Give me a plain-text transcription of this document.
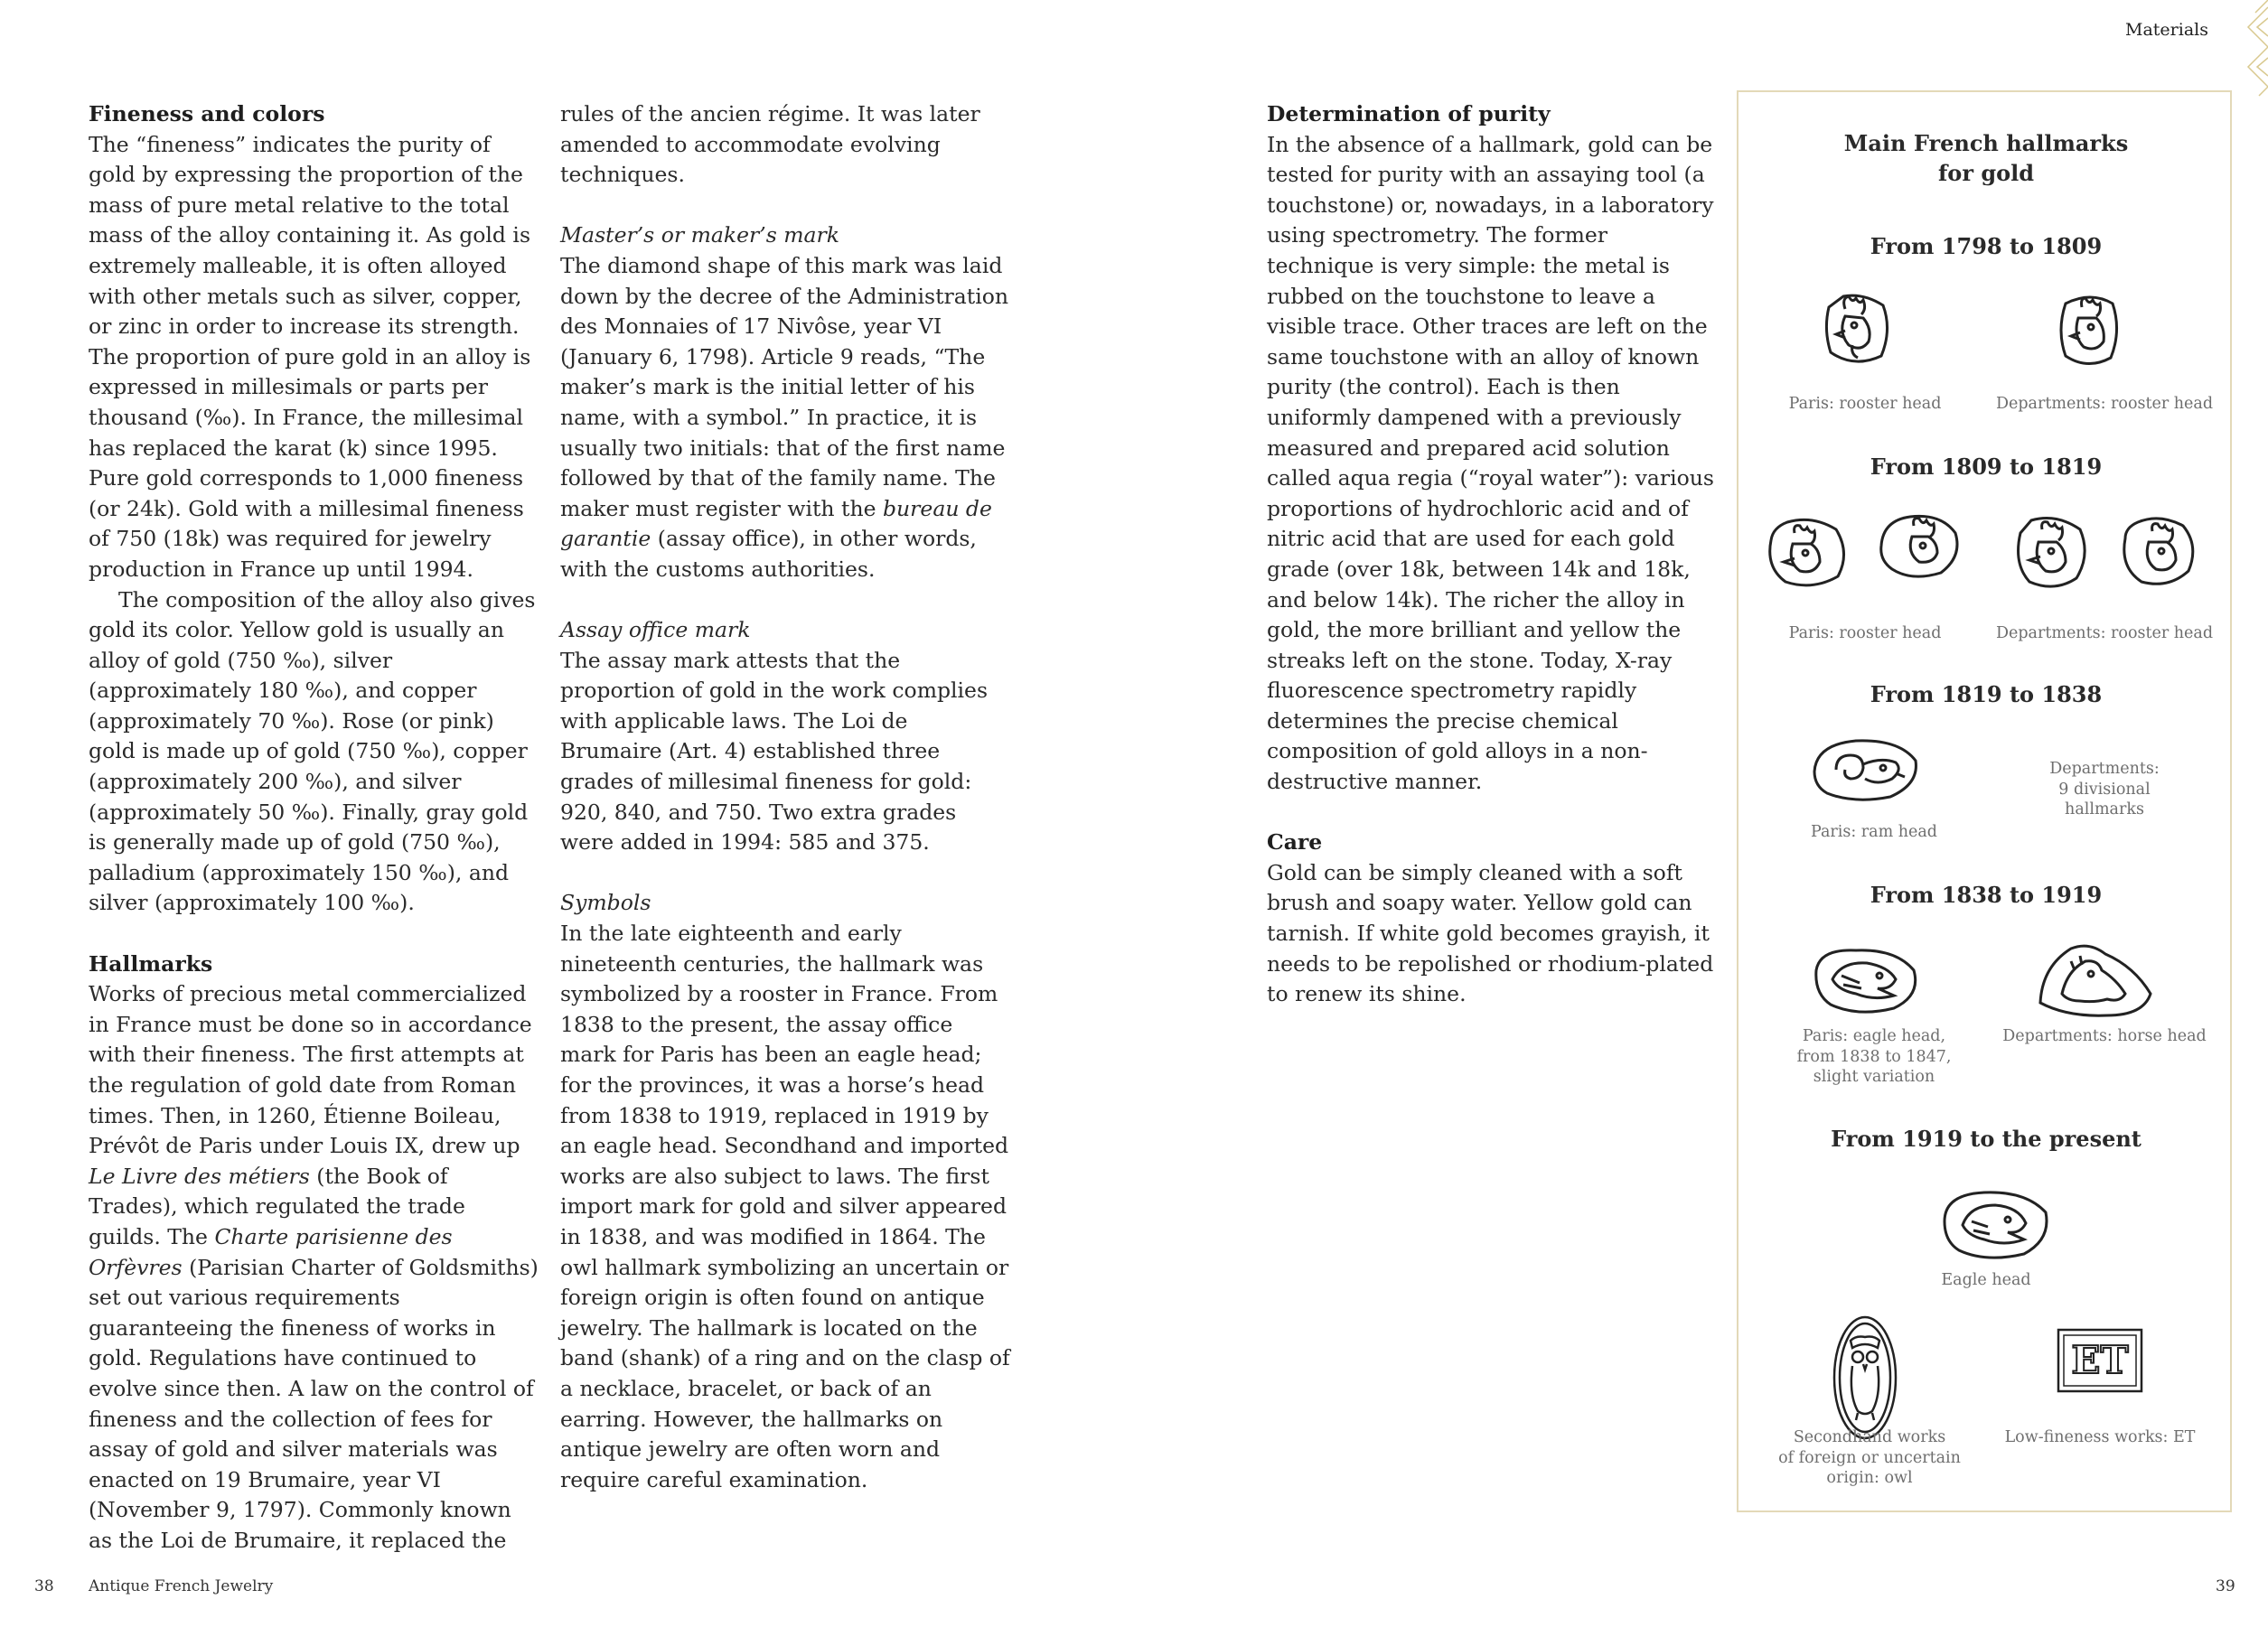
Materials
Fineness and colors

The “fineness” indicates the purity of gold by expressing the proportion of the mass of pure metal relative to the total mass of the alloy containing it. As gold is extremely malleable, it is often alloyed with other metals such as silver, copper, or zinc in order to increase its strength. The proportion of pure gold in an alloy is expressed in millesimals or parts per thousand (‰). In France, the millesimal has replaced the karat (k) since 1995. Pure gold corresponds to 1,000 fineness (or 24k). Gold with a millesimal fineness of 750 (18k) was required for jewelry production in France up until 1994.

The composition of the alloy also gives gold its color. Yellow gold is usually an alloy of gold (750 ‰), silver (approximately 180 ‰), and copper (approximately 70 ‰). Rose (or pink) gold is made up of gold (750 ‰), copper (approximately 200 ‰), and silver (approximately 50 ‰). Finally, gray gold is generally made up of gold (750 ‰), palladium (approximately 150 ‰), and silver (approximately 100 ‰).

Hallmarks

Works of precious metal commercialized in France must be done so in accordance with their fineness. The first attempts at the regulation of gold date from Roman times. Then, in 1260, Étienne Boileau, Prévôt de Paris under Louis IX, drew up Le Livre des métiers (the Book of Trades), which regulated the trade guilds. The Charte parisienne des Orfèvres (Parisian Charter of Goldsmiths) set out various requirements guaranteeing the fineness of works in gold. Regulations have continued to evolve since then. A law on the control of fineness and the collection of fees for assay of gold and silver materials was enacted on 19 Brumaire, year VI (November 9, 1797). Commonly known as the Loi de Brumaire, it replaced the

rules of the ancien régime. It was later amended to accommodate evolving techniques.

Master’s or maker’s mark

The diamond shape of this mark was laid down by the decree of the Administration des Monnaies of 17 Nivôse, year VI (January 6, 1798). Article 9 reads, “The maker’s mark is the initial letter of his name, with a symbol.” In practice, it is usually two initials: that of the first name followed by that of the family name. The maker must register with the bureau de garantie (assay office), in other words, with the customs authorities.

Assay office mark

The assay mark attests that the proportion of gold in the work complies with applicable laws. The Loi de Brumaire (Art. 4) established three grades of millesimal fineness for gold: 920, 840, and 750. Two extra grades were added in 1994: 585 and 375.

Symbols

In the late eighteenth and early nineteenth centuries, the hallmark was symbolized by a rooster in France. From 1838 to the present, the assay office mark for Paris has been an eagle head; for the provinces, it was a horse’s head from 1838 to 1919, replaced in 1919 by an eagle head. Secondhand and imported works are also subject to laws. The first import mark for gold and silver appeared in 1838, and was modified in 1864. The owl hallmark symbolizing an uncertain or foreign origin is often found on antique jewelry. The hallmark is located on the band (shank) of a ring and on the clasp of a necklace, bracelet, or back of an earring. However, the hallmarks on antique jewelry are often worn and require careful examination.

Determination of purity

In the absence of a hallmark, gold can be tested for purity with an assaying tool (a touchstone) or, nowadays, in a laboratory using spectrometry. The former technique is very simple: the metal is rubbed on the touchstone to leave a visible trace. Other traces are left on the same touchstone with an alloy of known purity (the control). Each is then uniformly dampened with a previously measured and prepared acid solution called aqua regia (“royal water”): various proportions of hydrochloric acid and of nitric acid that are used for each gold grade (over 18k, between 14k and 18k, and below 14k). The richer the alloy in gold, the more brilliant and yellow the streaks left on the stone. Today, X-ray fluorescence spectrometry rapidly determines the precise chemical composition of gold alloys in a non-destructive manner.

Care

Gold can be simply cleaned with a soft brush and soapy water. Yellow gold can tarnish. If white gold becomes grayish, it needs to be repolished or rhodium-plated to renew its shine.

Main French hallmarks
for gold
From 1798 to 1809
Paris: rooster head	Departments: rooster head
From 1809 to 1819
Paris: rooster head	Departments: rooster head
From 1819 to 1838
Paris: ram head
Departments:
9 divisional
hallmarks
From 1838 to 1919
Paris: eagle head,
from 1838 to 1847,
slight variation
Departments: horse head
From 1919 to the present
Eagle head
ET
Secondhand works
of foreign or uncertain
origin: owl
Low-fineness works: ET
38 Antique French Jewelry	39
